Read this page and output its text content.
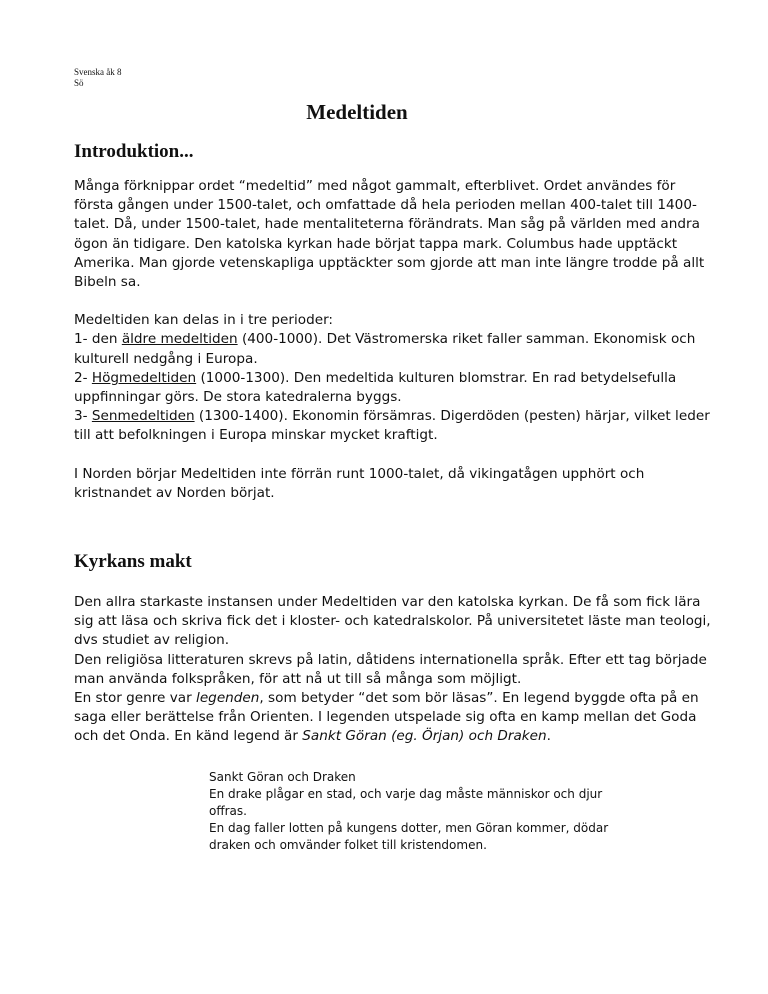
Svenska åk 8
Sö
Medeltiden
Introduktion...

Många förknippar ordet “medeltid” med något gammalt, efterblivet. Ordet användes för första gången under 1500-talet, och omfattade då hela perioden mellan 400-talet till 1400-talet. Då, under 1500-talet, hade mentaliteterna förändrats. Man såg på världen med andra ögon än tidigare. Den katolska kyrkan hade börjat tappa mark. Columbus hade upptäckt Amerika. Man gjorde vetenskapliga upptäckter som gjorde att man inte längre trodde på allt Bibeln sa.

Medeltiden kan delas in i tre perioder:

1- den äldre medeltiden (400-1000). Det Västromerska riket faller samman. Ekonomisk och kulturell nedgång i Europa.

2- Högmedeltiden (1000-1300). Den medeltida kulturen blomstrar. En rad betydelsefulla uppfinningar görs. De stora katedralerna byggs.

3- Senmedeltiden (1300-1400). Ekonomin försämras. Digerdöden (pesten) härjar, vilket leder till att befolkningen i Europa minskar mycket kraftigt.

I Norden börjar Medeltiden inte förrän runt 1000-talet, då vikingatågen upphört och kristnandet av Norden börjat.

Kyrkans makt

Den allra starkaste instansen under Medeltiden var den katolska kyrkan. De få som fick lära sig att läsa och skriva fick det i kloster- och katedralskolor. På universitetet läste man teologi, dvs studiet av religion.

Den religiösa litteraturen skrevs på latin, dåtidens internationella språk. Efter ett tag började man använda folkspråken, för att nå ut till så många som möjligt.

En stor genre var legenden, som betyder “det som bör läsas”. En legend byggde ofta på en saga eller berättelse från Orienten. I legenden utspelade sig ofta en kamp mellan det Goda och det Onda. En känd legend är Sankt Göran (eg. Örjan) och Draken.

Sankt Göran och Draken

En drake plågar en stad, och varje dag måste människor och djur offras.

En dag faller lotten på kungens dotter, men Göran kommer, dödar draken och omvänder folket till kristendomen.
